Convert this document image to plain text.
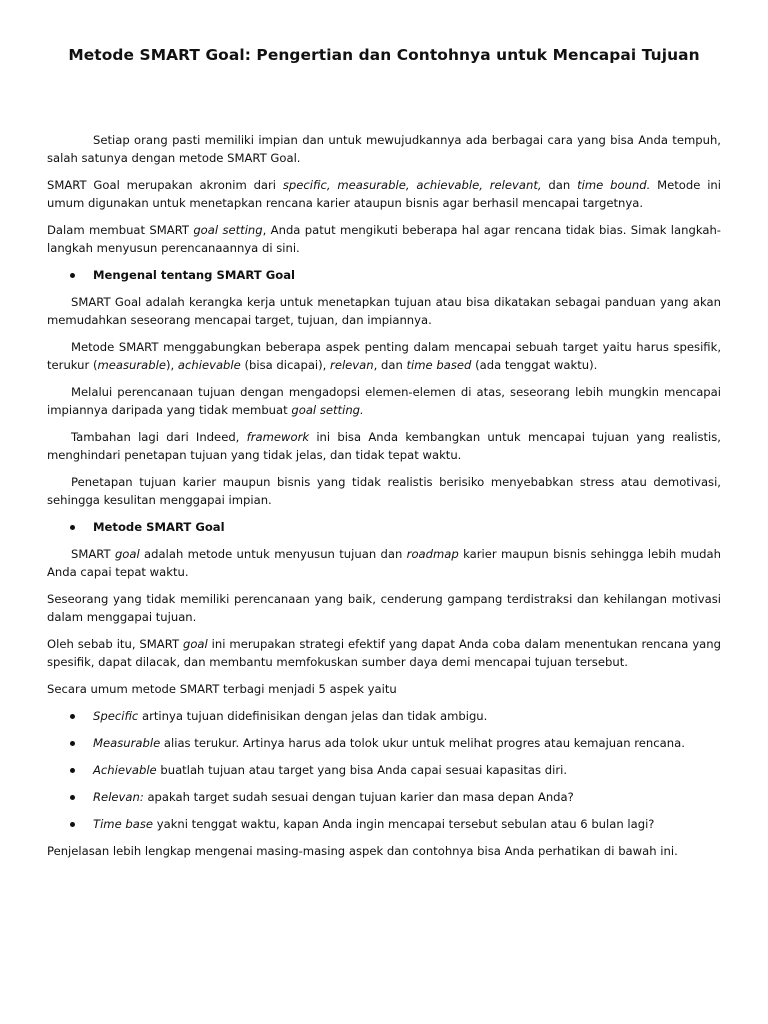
Metode SMART Goal: Pengertian dan Contohnya untuk Mencapai Tujuan

Setiap orang pasti memiliki impian dan untuk mewujudkannya ada berbagai cara yang bisa Anda tempuh, salah satunya dengan metode SMART Goal.

SMART Goal merupakan akronim dari specific, measurable, achievable, relevant, dan time bound. Metode ini umum digunakan untuk menetapkan rencana karier ataupun bisnis agar berhasil mencapai targetnya.

Dalam membuat SMART goal setting, Anda patut mengikuti beberapa hal agar rencana tidak bias. Simak langkah-langkah menyusun perencanaannya di sini.

Mengenal tentang SMART Goal

SMART Goal adalah kerangka kerja untuk menetapkan tujuan atau bisa dikatakan sebagai panduan yang akan memudahkan seseorang mencapai target, tujuan, dan impiannya.

Metode SMART menggabungkan beberapa aspek penting dalam mencapai sebuah target yaitu harus spesifik, terukur (measurable), achievable (bisa dicapai), relevan, dan time based (ada tenggat waktu).

Melalui perencanaan tujuan dengan mengadopsi elemen-elemen di atas, seseorang lebih mungkin mencapai impiannya daripada yang tidak membuat goal setting.

Tambahan lagi dari Indeed, framework ini bisa Anda kembangkan untuk mencapai tujuan yang realistis, menghindari penetapan tujuan yang tidak jelas, dan tidak tepat waktu.

Penetapan tujuan karier maupun bisnis yang tidak realistis berisiko menyebabkan stress atau demotivasi, sehingga kesulitan menggapai impian.

Metode SMART Goal

SMART goal adalah metode untuk menyusun tujuan dan roadmap karier maupun bisnis sehingga lebih mudah Anda capai tepat waktu.

Seseorang yang tidak memiliki perencanaan yang baik, cenderung gampang terdistraksi dan kehilangan motivasi dalam menggapai tujuan.

Oleh sebab itu, SMART goal ini merupakan strategi efektif yang dapat Anda coba dalam menentukan rencana yang spesifik, dapat dilacak, dan membantu memfokuskan sumber daya demi mencapai tujuan tersebut.

Secara umum metode SMART terbagi menjadi 5 aspek yaitu

Specific artinya tujuan didefinisikan dengan jelas dan tidak ambigu.
Measurable alias terukur. Artinya harus ada tolok ukur untuk melihat progres atau kemajuan rencana.
Achievable buatlah tujuan atau target yang bisa Anda capai sesuai kapasitas diri.
Relevan: apakah target sudah sesuai dengan tujuan karier dan masa depan Anda?
Time base yakni tenggat waktu, kapan Anda ingin mencapai tersebut sebulan atau 6 bulan lagi?

Penjelasan lebih lengkap mengenai masing-masing aspek dan contohnya bisa Anda perhatikan di bawah ini.
